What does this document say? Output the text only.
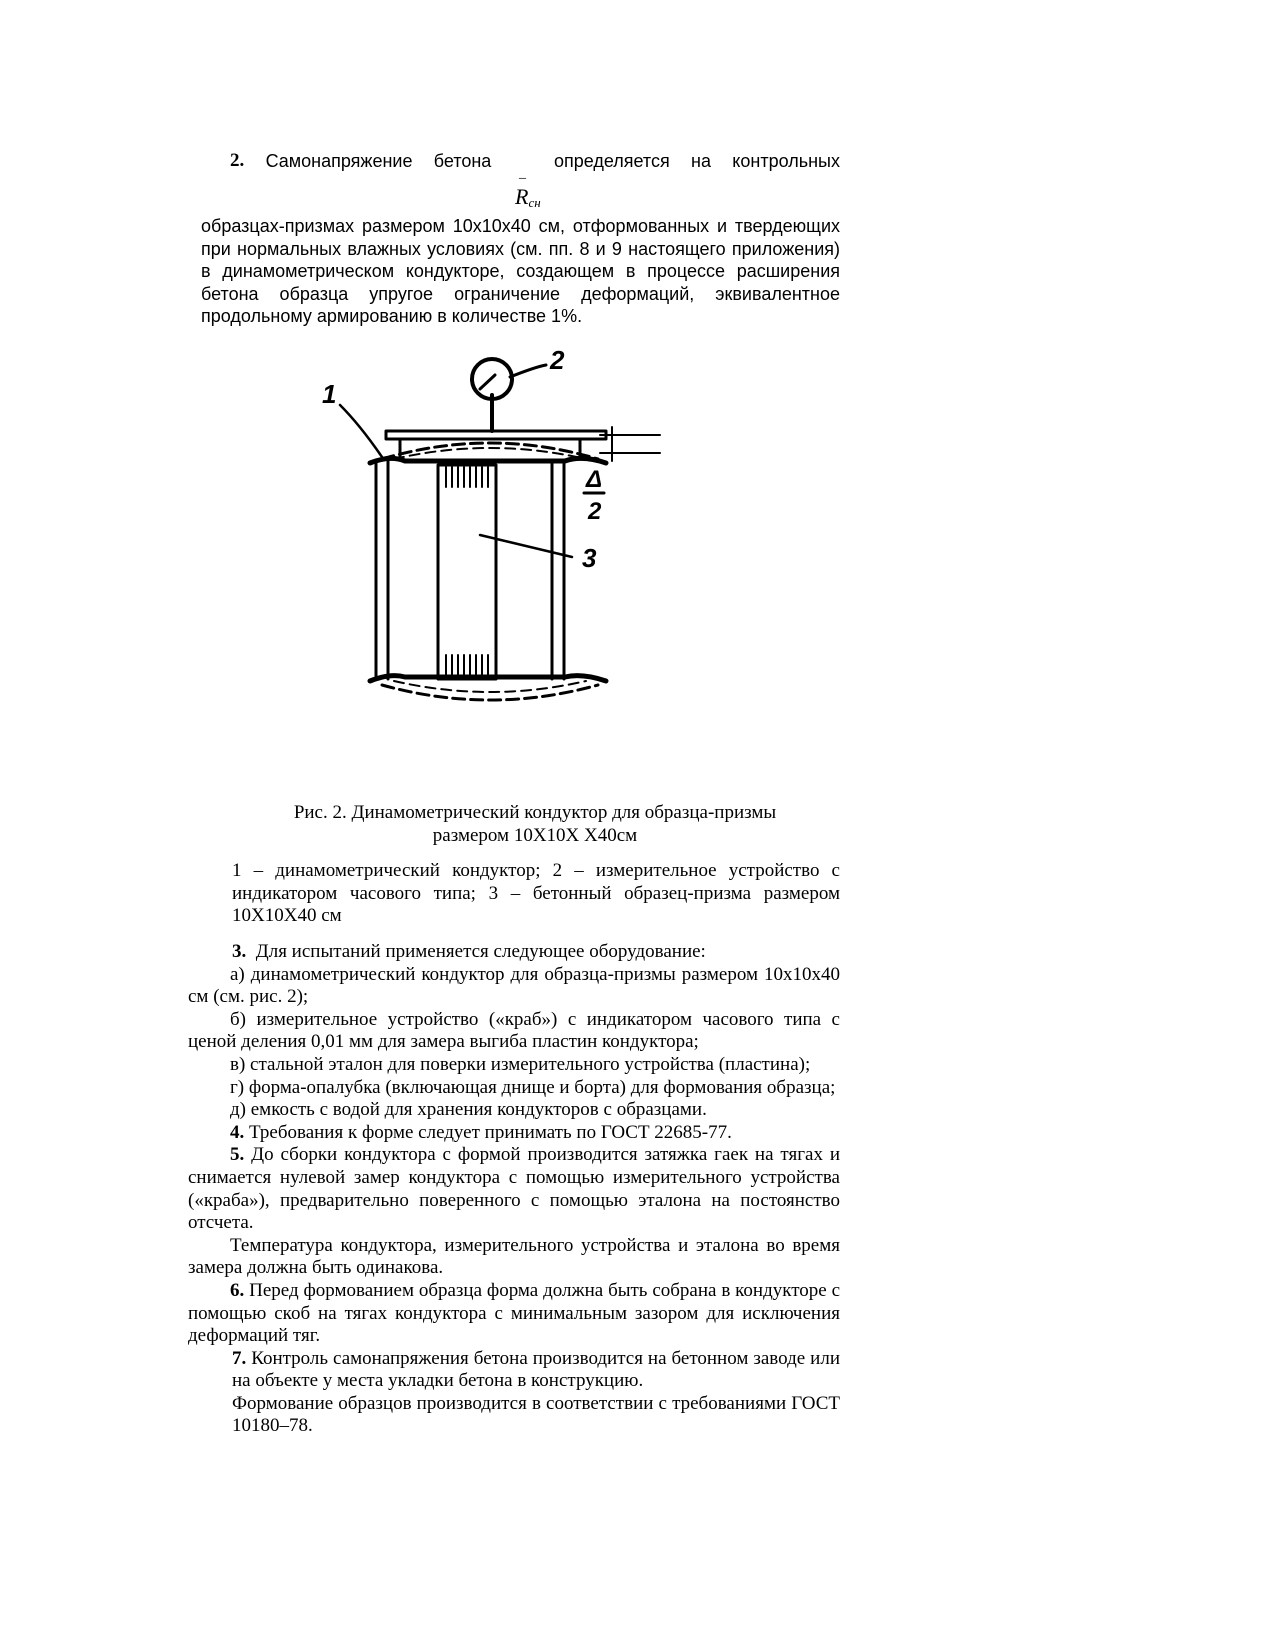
2. Самонапряжение бетона	определяется на контрольных
_
$R_{сн}$

образцах-призмах размером 10х10х40 см, отформованных и твердеющих при нормальных влажных условиях (см. пп. 8 и 9 настоящего приложения) в динамометрическом кондукторе, создающем в процессе расширения бетона образца упругое ограничение деформаций, эквивалентное продольному армированию в количестве 1%.

1
2
3
Δ
2

Рис. 2. Динамометрический кондуктор для образца-призмы

размером 10Х10Х Х40см

1 – динамометрический кондуктор; 2 – измерительное устройство с индикатором часового типа; 3 – бетонный образец-призма размером 10Х10Х40 см

3. Для испытаний применяется следующее оборудование:

а) динамометрический кондуктор для образца-призмы размером 10х10х40 см (см. рис. 2);

б) измерительное устройство («краб») с индикатором часового типа с ценой деления 0,01 мм для замера выгиба пластин кондуктора;

в) стальной эталон для поверки измерительного устройства (пластина);

г) форма-опалубка (включающая днище и борта) для формования образца;

д) емкость с водой для хранения кондукторов с образцами.

4. Требования к форме следует принимать по ГОСТ 22685-77.

5. До сборки кондуктора с формой производится затяжка гаек на тягах и снимается нулевой замер кондуктора с помощью измерительного устройства («краба»), предварительно поверенного с помощью эталона на постоянство отсчета.

Температура кондуктора, измерительного устройства и эталона во время замера должна быть одинакова.

6. Перед формованием образца форма должна быть собрана в кондукторе с помощью скоб на тягах кондуктора с минимальным зазором для исключения деформаций тяг.

7. Контроль самонапряжения бетона производится на бетонном заводе или на объекте у места укладки бетона в конструкцию.

Формование образцов производится в соответствии с требованиями ГОСТ 10180–78.
